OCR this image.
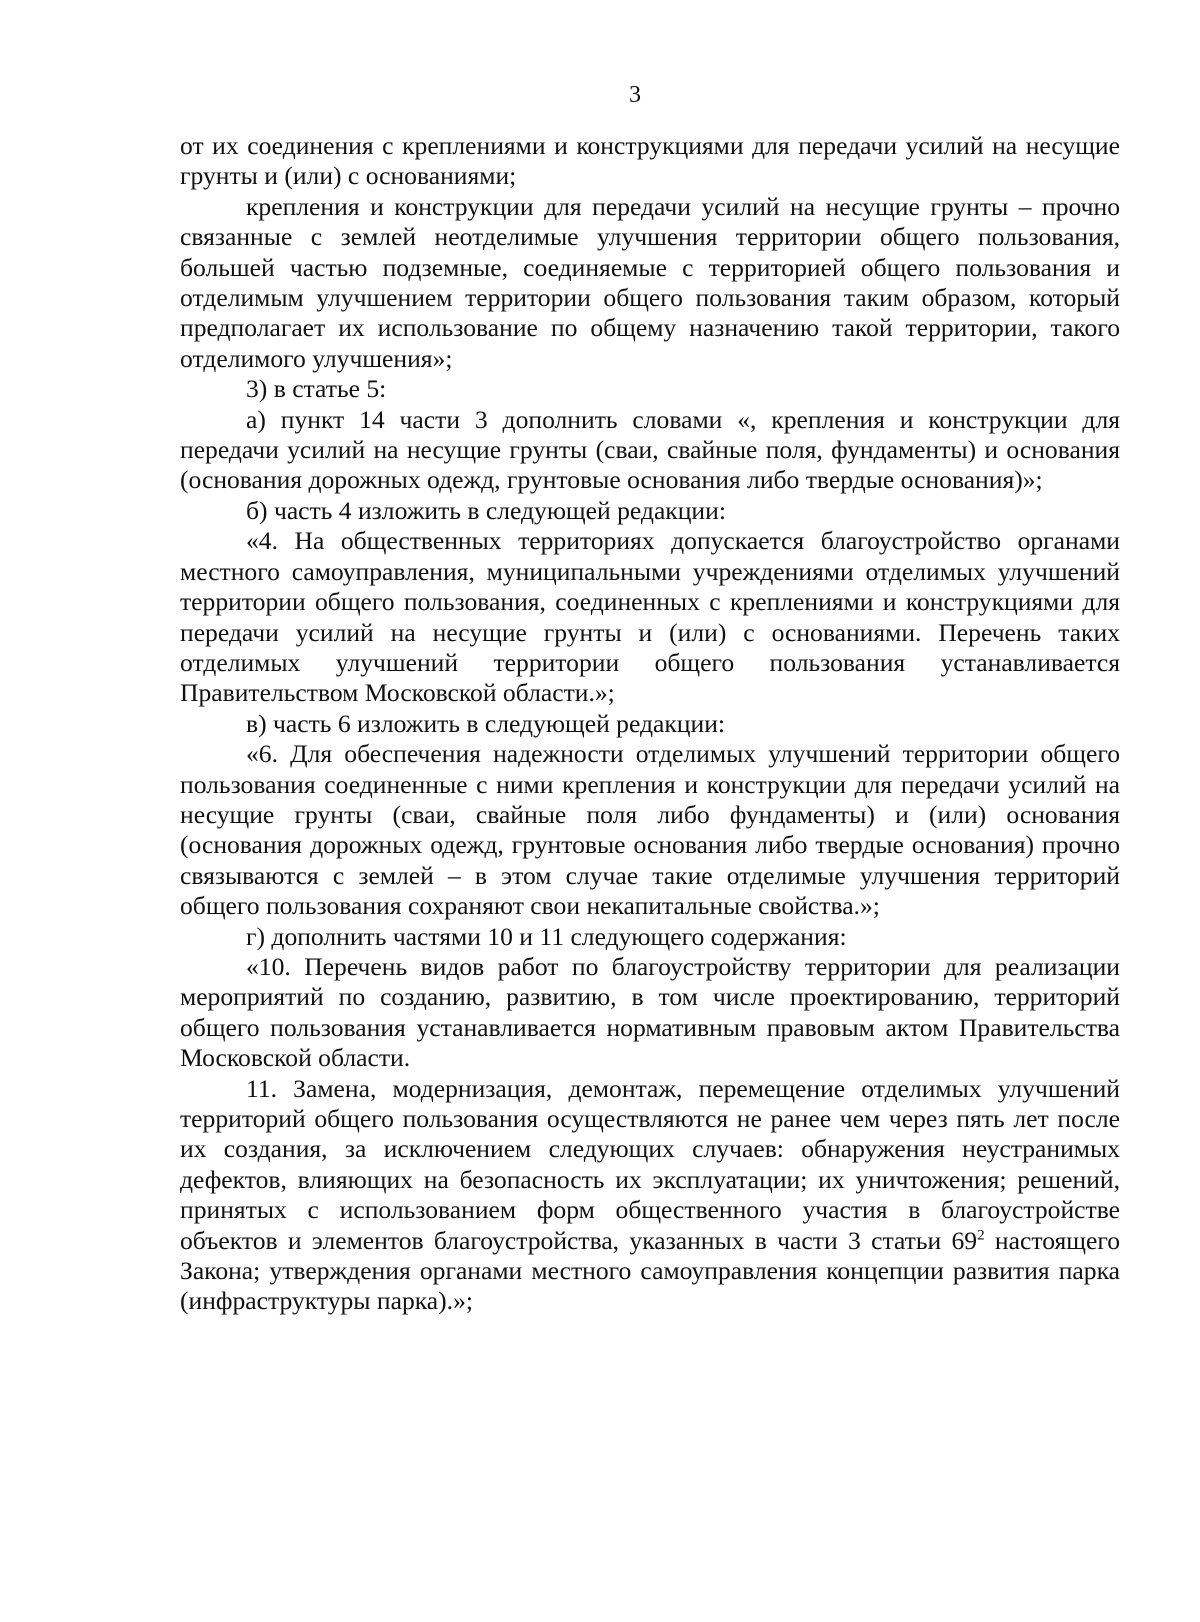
3

от их соединения с креплениями и конструкциями для передачи усилий на несущие грунты и (или) с основаниями;

крепления и конструкции для передачи усилий на несущие грунты – прочно связанные с землей неотделимые улучшения территории общего пользования, большей частью подземные, соединяемые с территорией общего пользования и отделимым улучшением территории общего пользования таким образом, который предполагает их использование по общему назначению такой территории, такого отделимого улучшения»;

3) в статье 5:

а) пункт 14 части 3 дополнить словами «, крепления и конструкции для передачи усилий на несущие грунты (сваи, свайные поля, фундаменты) и основания (основания дорожных одежд, грунтовые основания либо твердые основания)»;

б) часть 4 изложить в следующей редакции:

«4. На общественных территориях допускается благоустройство органами местного самоуправления, муниципальными учреждениями отделимых улучшений территории общего пользования, соединенных с креплениями и конструкциями для передачи усилий на несущие грунты и (или) с основаниями. Перечень таких отделимых улучшений территории общего пользования устанавливается Правительством Московской области.»;

в) часть 6 изложить в следующей редакции:

«6. Для обеспечения надежности отделимых улучшений территории общего пользования соединенные с ними крепления и конструкции для передачи усилий на несущие грунты (сваи, свайные поля либо фундаменты) и (или) основания (основания дорожных одежд, грунтовые основания либо твердые основания) прочно связываются с землей – в этом случае такие отделимые улучшения территорий общего пользования сохраняют свои некапитальные свойства.»;

г) дополнить частями 10 и 11 следующего содержания:

«10. Перечень видов работ по благоустройству территории для реализации мероприятий по созданию, развитию, в том числе проектированию, территорий общего пользования устанавливается нормативным правовым актом Правительства Московской области.

11. Замена, модернизация, демонтаж, перемещение отделимых улучшений территорий общего пользования осуществляются не ранее чем через пять лет после их создания, за исключением следующих случаев: обнаружения неустранимых дефектов, влияющих на безопасность их эксплуатации; их уничтожения; решений, принятых с использованием форм общественного участия в благоустройстве объектов и элементов благоустройства, указанных в части 3 статьи $69^2$ настоящего Закона; утверждения органами местного самоуправления концепции развития парка (инфраструктуры парка).»;
